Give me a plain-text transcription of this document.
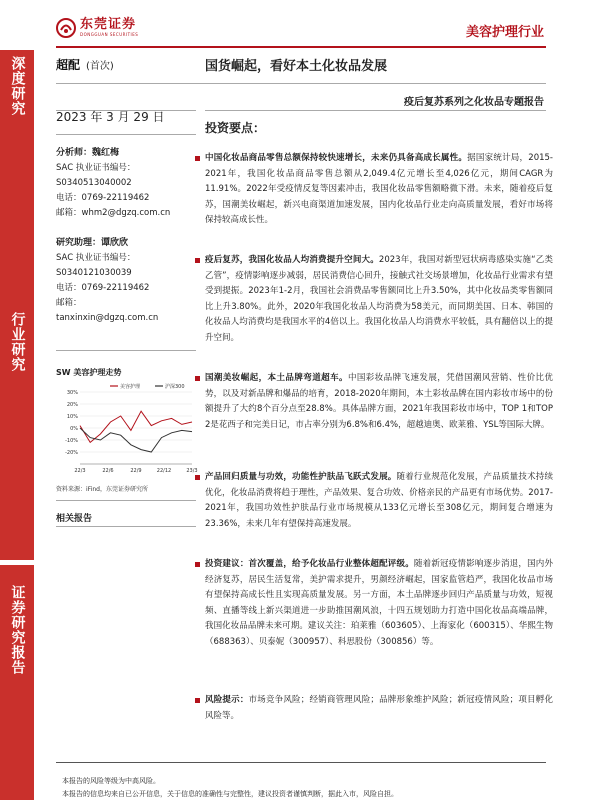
东莞证券
DONGGUAN SECURITIES	美容护理行业
深度研究
行业研究
证券研究报告
超配 (首次)	国货崛起，看好本土化妆品发展
疫后复苏系列之化妆品专题报告
2023 年 3 月 29 日
分析师：魏红梅
SAC 执业证书编号：
S0340513040002
电话：0769-22119462
邮箱：whm2@dgzq.com.cn
研究助理：谭欣欣
SAC 执业证书编号：
S0340121030039
电话：0769-22119462
邮箱：
tanxinxin@dgzq.com.cn
SW 美容护理走势
30%
20%
10%
0%
-10%
-20%
22/3	22/6	22/9	22/12	23/3
美容护理	沪深300
资料来源：iFind，东莞证券研究所
相关报告
投资要点：
中国化妆品商品零售总额保持较快速增长，未来仍具备高成长属性。据国家统计局，2015-2021年，我国化妆品商品零售总额从2,049.4亿元增长至4,026亿元，期间CAGR为11.91%。2022年受疫情反复等因素冲击，我国化妆品零售额略微下滑。未来，随着疫后复苏，国潮美妆崛起，新兴电商渠道加速发展，国内化妆品行业走向高质量发展，看好市场将保持较高成长性。
疫后复苏，我国化妆品人均消费提升空间大。2023年，我国对新型冠状病毒感染实施“乙类乙管”，疫情影响逐步减弱，居民消费信心回升，接触式社交场景增加，化妆品行业需求有望受到提振。2023年1-2月，我国社会消费品零售额同比上升3.50%，其中化妆品类零售额同比上升3.80%。此外，2020年我国化妆品人均消费为58美元，而同期美国、日本、韩国的化妆品人均消费均是我国水平的4倍以上。我国化妆品人均消费水平较低，具有翻倍以上的提升空间。
国潮美妆崛起，本土品牌弯道超车。中国彩妆品牌飞速发展，凭借国潮风营销、性价比优势，以及对新品牌和爆品的培育，2018-2020年期间，本土彩妆品牌在国内彩妆市场中的份额提升了大约8个百分点至28.8%。具体品牌方面，2021年我国彩妆市场中，TOP 1和TOP 2是花西子和完美日记，市占率分别为6.8%和6.4%，超越迪奥、欧莱雅、YSL等国际大牌。
产品回归质量与功效，功能性护肤品飞跃式发展。随着行业规范化发展，产品质量技术持续优化，化妆品消费将趋于理性，产品效果、复合功效、价格亲民的产品更有市场优势。2017-2021年，我国功效性护肤品行业市场规模从133亿元增长至308亿元，期间复合增速为23.36%，未来几年有望保持高速发展。
投资建议：首次覆盖，给予化妆品行业整体超配评级。随着新冠疫情影响逐步消退，国内外经济复苏，居民生活复常，美护需求提升，男颜经济崛起，国家监管趋严，我国化妆品市场有望保持高成长性且实现高质量发展。另一方面，本土品牌逐步回归产品质量与功效，短视频、直播等线上新兴渠道进一步助推国潮风浪，十四五规划助力打造中国化妆品高端品牌，我国化妆品品牌未来可期。建议关注：珀莱雅（603605）、上海家化（600315）、华熙生物（688363）、贝泰妮（300957）、科思股份（300856）等。
风险提示：市场竞争风险；经销商管理风险；品牌形象维护风险；新冠疫情风险；项目孵化风险等。
本报告的风险等级为中高风险。
本报告的信息均来自已公开信息，关于信息的准确性与完整性，建议投资者谨慎判断，据此入市，风险自担。
